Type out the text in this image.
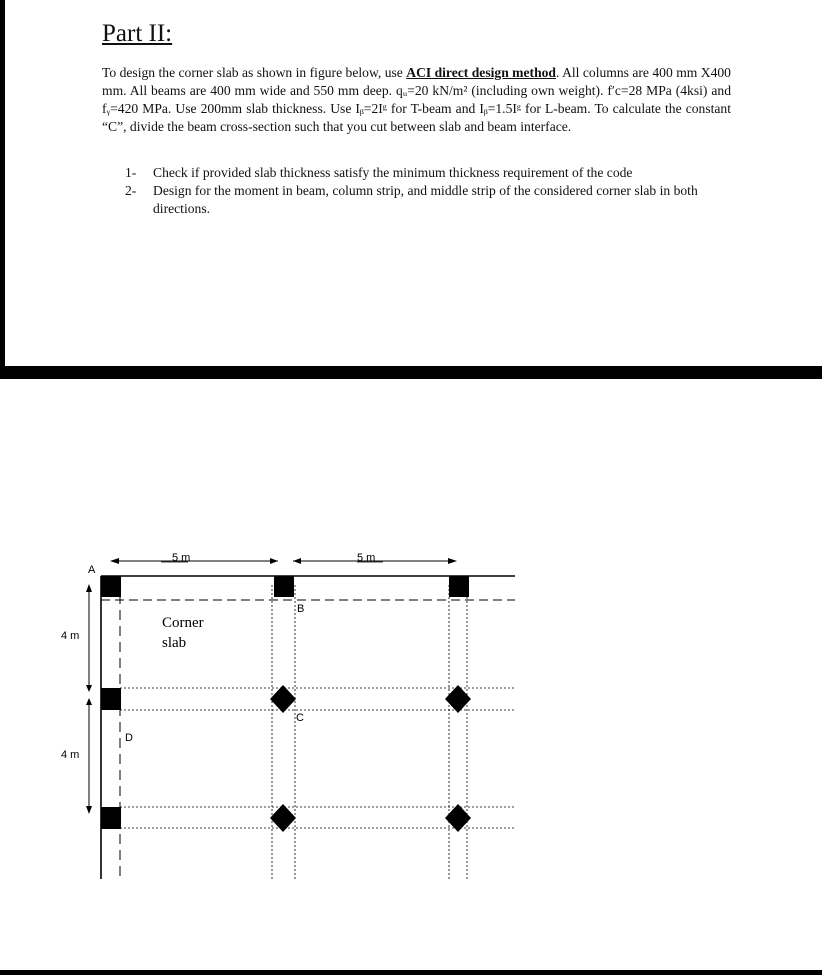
Part II:

To design the corner slab as shown in figure below, use ACI direct design method. All columns are 400 mm X400 mm. All beams are 400 mm wide and 550 mm deep. qᵤ=20 kN/m² (including own weight). f′c=28 MPa (4ksi) and fᵧ=420 MPa. Use 200mm slab thickness. Use Iᵦ=2Iᵍ for T-beam and Iᵦ=1.5Iᵍ for L-beam. To calculate the constant “C”, divide the beam cross-section such that you cut between slab and beam interface.

1-	Check if provided slab thickness satisfy the minimum thickness requirement of the code
2-	Design for the moment in beam, column strip, and middle strip of the considered corner slab in both directions.
5 m	5 m
4 m
4 m
A
B
C
D
Corner
slab
